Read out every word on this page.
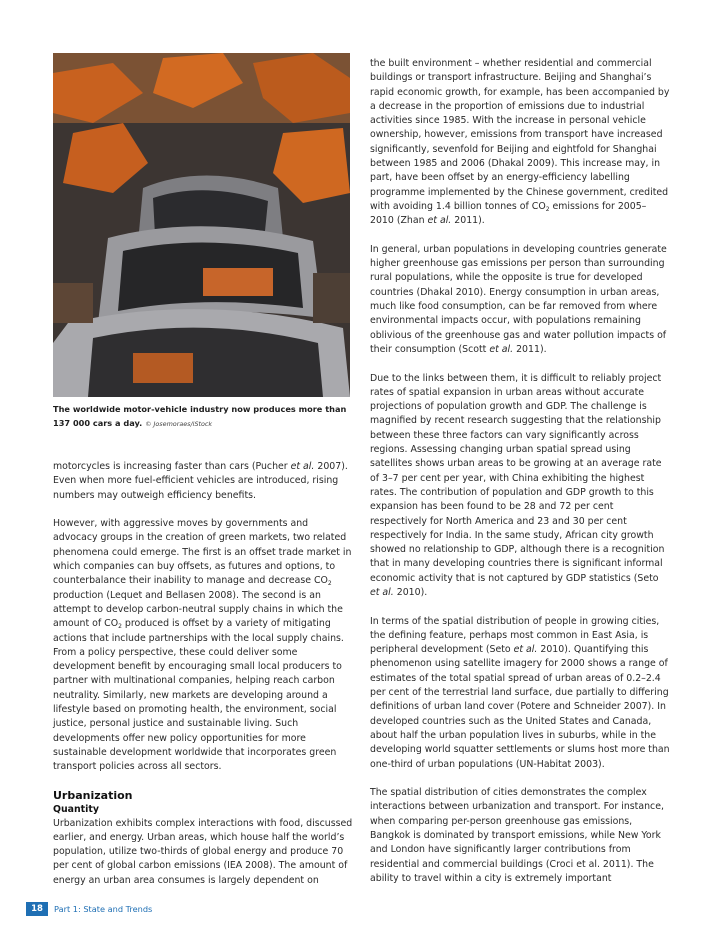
The worldwide motor-vehicle industry now produces more than 137 000 cars a day. © Josemoraes/iStock

motorcycles is increasing faster than cars (Pucher et al. 2007). Even when more fuel-efficient vehicles are introduced, rising numbers may outweigh efficiency benefits.

However, with aggressive moves by governments and advocacy groups in the creation of green markets, two related phenomena could emerge. The first is an offset trade market in which companies can buy offsets, as futures and options, to counterbalance their inability to manage and decrease $CO_2$ production (Lequet and Bellasen 2008). The second is an attempt to develop carbon-neutral supply chains in which the amount of $CO_2$ produced is offset by a variety of mitigating actions that include partnerships with the local supply chains. From a policy perspective, these could deliver some development benefit by encouraging small local producers to partner with multinational companies, helping reach carbon neutrality. Similarly, new markets are developing around a lifestyle based on promoting health, the environment, social justice, personal justice and sustainable living. Such developments offer new policy opportunities for more sustainable development worldwide that incorporates green transport policies across all sectors.

Urbanization

Quantity

Urbanization exhibits complex interactions with food, discussed earlier, and energy. Urban areas, which house half the world’s population, utilize two-thirds of global energy and produce 70 per cent of global carbon emissions (IEA 2008). The amount of energy an urban area consumes is largely dependent on

the built environment – whether residential and commercial buildings or transport infrastructure. Beijing and Shanghai’s rapid economic growth, for example, has been accompanied by a decrease in the proportion of emissions due to industrial activities since 1985. With the increase in personal vehicle ownership, however, emissions from transport have increased significantly, sevenfold for Beijing and eightfold for Shanghai between 1985 and 2006 (Dhakal 2009). This increase may, in part, have been offset by an energy-efficiency labelling programme implemented by the Chinese government, credited with avoiding 1.4 billion tonnes of $CO_2$ emissions for 2005–2010 (Zhan et al. 2011).

In general, urban populations in developing countries generate higher greenhouse gas emissions per person than surrounding rural populations, while the opposite is true for developed countries (Dhakal 2010). Energy consumption in urban areas, much like food consumption, can be far removed from where environmental impacts occur, with populations remaining oblivious of the greenhouse gas and water pollution impacts of their consumption (Scott et al. 2011).

Due to the links between them, it is difficult to reliably project rates of spatial expansion in urban areas without accurate projections of population growth and GDP. The challenge is magnified by recent research suggesting that the relationship between these three factors can vary significantly across regions. Assessing changing urban spatial spread using satellites shows urban areas to be growing at an average rate of 3–7 per cent per year, with China exhibiting the highest rates. The contribution of population and GDP growth to this expansion has been found to be 28 and 72 per cent respectively for North America and 23 and 30 per cent respectively for India. In the same study, African city growth showed no relationship to GDP, although there is a recognition that in many developing countries there is significant informal economic activity that is not captured by GDP statistics (Seto et al. 2010).

In terms of the spatial distribution of people in growing cities, the defining feature, perhaps most common in East Asia, is peripheral development (Seto et al. 2010). Quantifying this phenomenon using satellite imagery for 2000 shows a range of estimates of the total spatial spread of urban areas of 0.2–2.4 per cent of the terrestrial land surface, due partially to differing definitions of urban land cover (Potere and Schneider 2007). In developed countries such as the United States and Canada, about half the urban population lives in suburbs, while in the developing world squatter settlements or slums host more than one-third of urban populations (UN-Habitat 2003).

The spatial distribution of cities demonstrates the complex interactions between urbanization and transport. For instance, when comparing per-person greenhouse gas emissions, Bangkok is dominated by transport emissions, while New York and London have significantly larger contributions from residential and commercial buildings (Croci et al. 2011). The ability to travel within a city is extremely important

18	Part 1: State and Trends
